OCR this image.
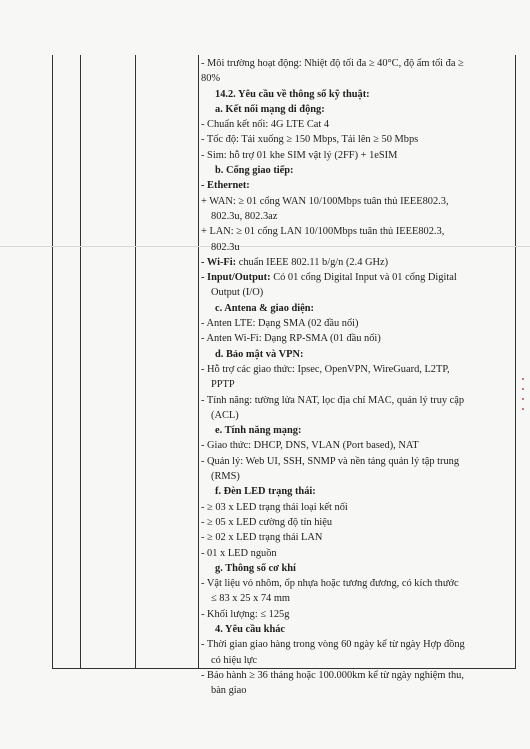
- Môi trường hoạt động: Nhiệt độ tối đa ≥ 40°C, độ ẩm tối đa ≥
80%
14.2. Yêu cầu về thông số kỹ thuật:
a. Kết nối mạng di động:
- Chuẩn kết nối: 4G LTE Cat 4
- Tốc độ: Tải xuống ≥ 150 Mbps, Tải lên ≥ 50 Mbps
- Sim: hỗ trợ 01 khe SIM vật lý (2FF) + 1eSIM
b. Cổng giao tiếp:
- Ethernet:
+ WAN: ≥ 01 cổng WAN 10/100Mbps tuân thủ IEEE802.3,
802.3u, 802.3az
+ LAN: ≥ 01 cổng LAN 10/100Mbps tuân thủ IEEE802.3,
802.3u
- Wi-Fi: chuẩn IEEE 802.11 b/g/n (2.4 GHz)
- Input/Output: Có 01 cổng Digital Input và 01 cổng Digital
Output (I/O)
c. Antena & giao diện:
- Anten LTE: Dạng SMA (02 đầu nối)
- Anten Wi-Fi: Dạng RP-SMA (01 đầu nối)
d. Bảo mật và VPN:
- Hỗ trợ các giao thức: Ipsec, OpenVPN, WireGuard, L2TP,
PPTP
- Tính năng: tường lửa NAT, lọc địa chỉ MAC, quản lý truy cập
(ACL)
e. Tính năng mạng:
- Giao thức: DHCP, DNS, VLAN (Port based), NAT
- Quản lý: Web UI, SSH, SNMP và nền tảng quản lý tập trung
(RMS)
f. Đèn LED trạng thái:
- ≥ 03 x LED trạng thái loại kết nối
- ≥ 05 x LED cường độ tín hiệu
- ≥ 02 x LED trạng thái LAN
- 01 x LED nguồn
g. Thông số cơ khí
- Vật liệu vỏ nhôm, ốp nhựa hoặc tương đương, có kích thước
≤ 83 x 25 x 74 mm
- Khối lượng: ≤ 125g
4. Yêu cầu khác
- Thời gian giao hàng trong vòng 60 ngày kể từ ngày Hợp đồng
có hiệu lực
- Bảo hành ≥ 36 tháng hoặc 100.000km kể từ ngày nghiệm thu,
bàn giao
